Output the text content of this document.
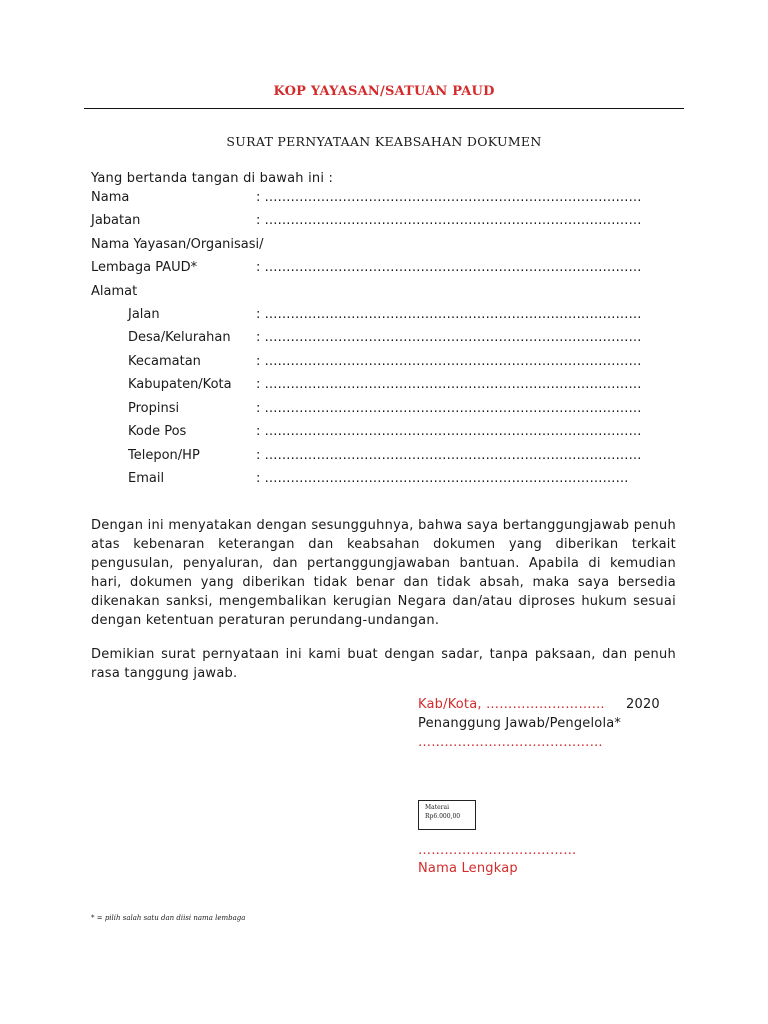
KOP YAYASAN/SATUAN PAUD
SURAT PERNYATAAN KEABSAHAN DOKUMEN
Yang bertanda tangan di bawah ini :
Nama	: ……………………………………………………………………………
Jabatan	: ……………………………………………………………………………
Nama Yayasan/Organisasi/
Lembaga PAUD*	: ……………………………………………………………………………
Alamat
Jalan	: ……………………………………………………………………………
Desa/Kelurahan : ……………………………………………………………………………
Kecamatan	: ……………………………………………………………………………
Kabupaten/Kota : ……………………………………………………………………………
Propinsi	: ……………………………………………………………………………
Kode Pos	: ……………………………………………………………………………
Telepon/HP	: ……………………………………………………………………………
Email	: …………………………………………………………………………
Dengan ini menyatakan dengan sesungguhnya, bahwa saya bertanggungjawab penuh atas kebenaran keterangan dan keabsahan dokumen yang diberikan terkait pengusulan, penyaluran, dan pertanggungjawaban bantuan. Apabila di kemudian hari, dokumen yang diberikan tidak benar dan tidak absah, maka saya bersedia dikenakan sanksi, mengembalikan kerugian Negara dan/atau diproses hukum sesuai dengan ketentuan peraturan perundang-undangan.
Demikian surat pernyataan ini kami buat dengan sadar, tanpa paksaan, dan penuh rasa tanggung jawab.
Kab/Kota, ……………………… 2020
Penanggung Jawab/Pengelola*
……………………………………
Materai
Rp6.000,00
………………………………
Nama Lengkap
* = pilih salah satu dan diisi nama lembaga
